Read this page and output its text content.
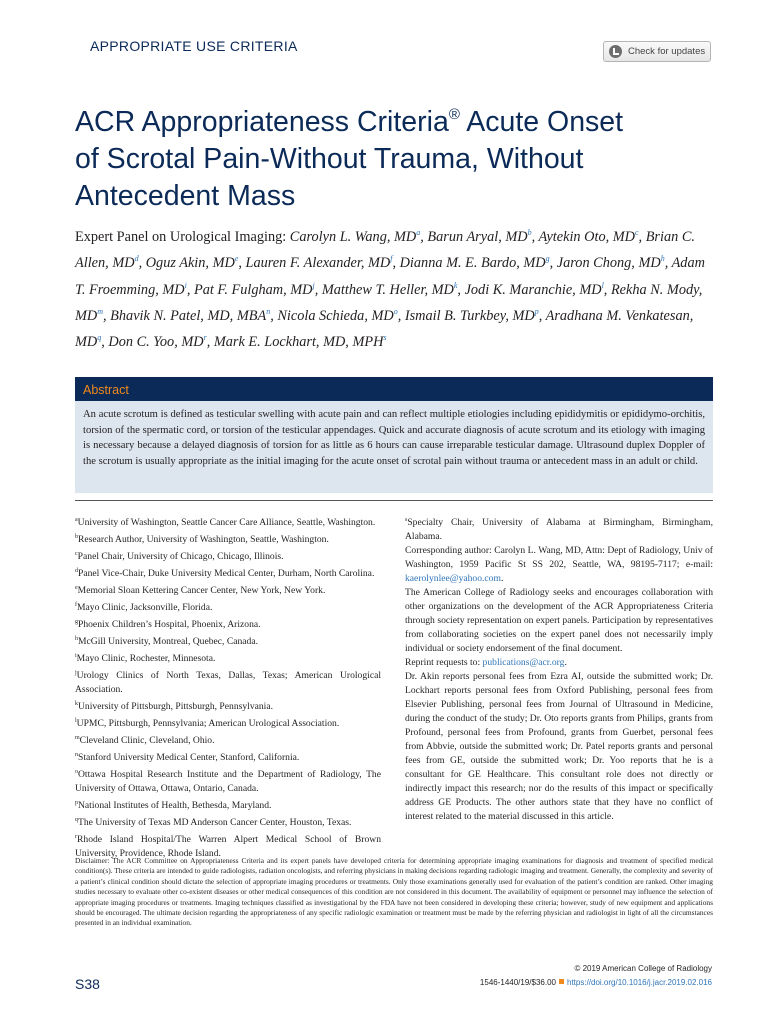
APPROPRIATE USE CRITERIA	Check for updates
ACR Appropriateness Criteria® Acute Onset
of Scrotal Pain-Without Trauma, Without
Antecedent Mass
Expert Panel on Urological Imaging: Carolyn L. Wang, $MD^a$, Barun Aryal, $MD^b$, Aytekin Oto, $MD^c$, Brian C. Allen, $MD^d$, Oguz Akin, MDe, Lauren F. Alexander, $MD^f$, Dianna M. E. Bardo, $MD^g$, Jaron Chong, $MD^h$, Adam T. Froemming, $MD^i$, Pat F. Fulgham, $MD^j$, Matthew T. Heller, $MD^k$, Jodi K. Maranchie, $MD^l$, Rekha N. Mody, $MD^m$, Bhavik N. Patel, MD, MBA$^n$, Nicola Schieda, $MD^o$, Ismail B. Turkbey, $MD^p$, Aradhana M. Venkatesan, $MD^q$, Don C. Yoo, $MD^r$, Mark E. Lockhart, MD, MPH$^s$
Abstract
An acute scrotum is defined as testicular swelling with acute pain and can reflect multiple etiologies including epididymitis or epididymo-orchitis, torsion of the spermatic cord, or torsion of the testicular appendages. Quick and accurate diagnosis of acute scrotum and its etiology with imaging is necessary because a delayed diagnosis of torsion for as little as 6 hours can cause irreparable testicular damage. Ultrasound duplex Doppler of the scrotum is usually appropriate as the initial imaging for the acute onset of scrotal pain without trauma or antecedent mass in an adult or child.

$^a$University of Washington, Seattle Cancer Care Alliance, Seattle, Washington.

$^b$Research Author, University of Washington, Seattle, Washington.

$^c$Panel Chair, University of Chicago, Chicago, Illinois.

$^d$Panel Vice-Chair, Duke University Medical Center, Durham, North Carolina.

$^e$Memorial Sloan Kettering Cancer Center, New York, New York.

$^f$Mayo Clinic, Jacksonville, Florida.

$^g$Phoenix Children’s Hospital, Phoenix, Arizona.

$^h$McGill University, Montreal, Quebec, Canada.

$^i$Mayo Clinic, Rochester, Minnesota.

$^j$Urology Clinics of North Texas, Dallas, Texas; American Urological Association.

$^k$University of Pittsburgh, Pittsburgh, Pennsylvania.

$^l$UPMC, Pittsburgh, Pennsylvania; American Urological Association.

$^m$Cleveland Clinic, Cleveland, Ohio.

$^n$Stanford University Medical Center, Stanford, California.

$^o$Ottawa Hospital Research Institute and the Department of Radiology, The University of Ottawa, Ottawa, Ontario, Canada.

$^p$National Institutes of Health, Bethesda, Maryland.

$^q$The University of Texas MD Anderson Cancer Center, Houston, Texas.

$^r$Rhode Island Hospital/The Warren Alpert Medical School of Brown University, Providence, Rhode Island.

$^s$Specialty Chair, University of Alabama at Birmingham, Birmingham, Alabama.

Corresponding author: Carolyn L. Wang, MD, Attn: Dept of Radiology, Univ of Washington, 1959 Pacific St SS 202, Seattle, WA, 98195-7117; e-mail: kaerolynlee@yahoo.com.

The American College of Radiology seeks and encourages collaboration with other organizations on the development of the ACR Appropriateness Criteria through society representation on expert panels. Participation by representatives from collaborating societies on the expert panel does not necessarily imply individual or society endorsement of the final document.

Reprint requests to: publications@acr.org.

Dr. Akin reports personal fees from Ezra AI, outside the submitted work; Dr. Lockhart reports personal fees from Oxford Publishing, personal fees from Elsevier Publishing, personal fees from Journal of Ultrasound in Medicine, during the conduct of the study; Dr. Oto reports grants from Philips, grants from Profound, personal fees from Profound, grants from Guerbet, personal fees from Abbvie, outside the submitted work; Dr. Patel reports grants and personal fees from GE, outside the submitted work; Dr. Yoo reports that he is a consultant for GE Healthcare. This consultant role does not directly or indirectly impact this research; nor do the results of this impact or specifically address GE Products. The other authors state that they have no conflict of interest related to the material discussed in this article.

Disclaimer: The ACR Committee on Appropriateness Criteria and its expert panels have developed criteria for determining appropriate imaging examinations for diagnosis and treatment of specified medical condition(s). These criteria are intended to guide radiologists, radiation oncologists, and referring physicians in making decisions regarding radiologic imaging and treatment. Generally, the complexity and severity of a patient’s clinical condition should dictate the selection of appropriate imaging procedures or treatments. Only those examinations generally used for evaluation of the patient’s condition are ranked. Other imaging studies necessary to evaluate other co-existent diseases or other medical consequences of this condition are not considered in this document. The availability of equipment or personnel may influence the selection of appropriate imaging procedures or treatments. Imaging techniques classified as investigational by the FDA have not been considered in developing these criteria; however, study of new equipment and applications should be encouraged. The ultimate decision regarding the appropriateness of any specific radiologic examination or treatment must be made by the referring physician and radiologist in light of all the circumstances presented in an individual examination.
© 2019 American College of Radiology
S38	1546-1440/19/$36.00 https://doi.org/10.1016/j.jacr.2019.02.016
